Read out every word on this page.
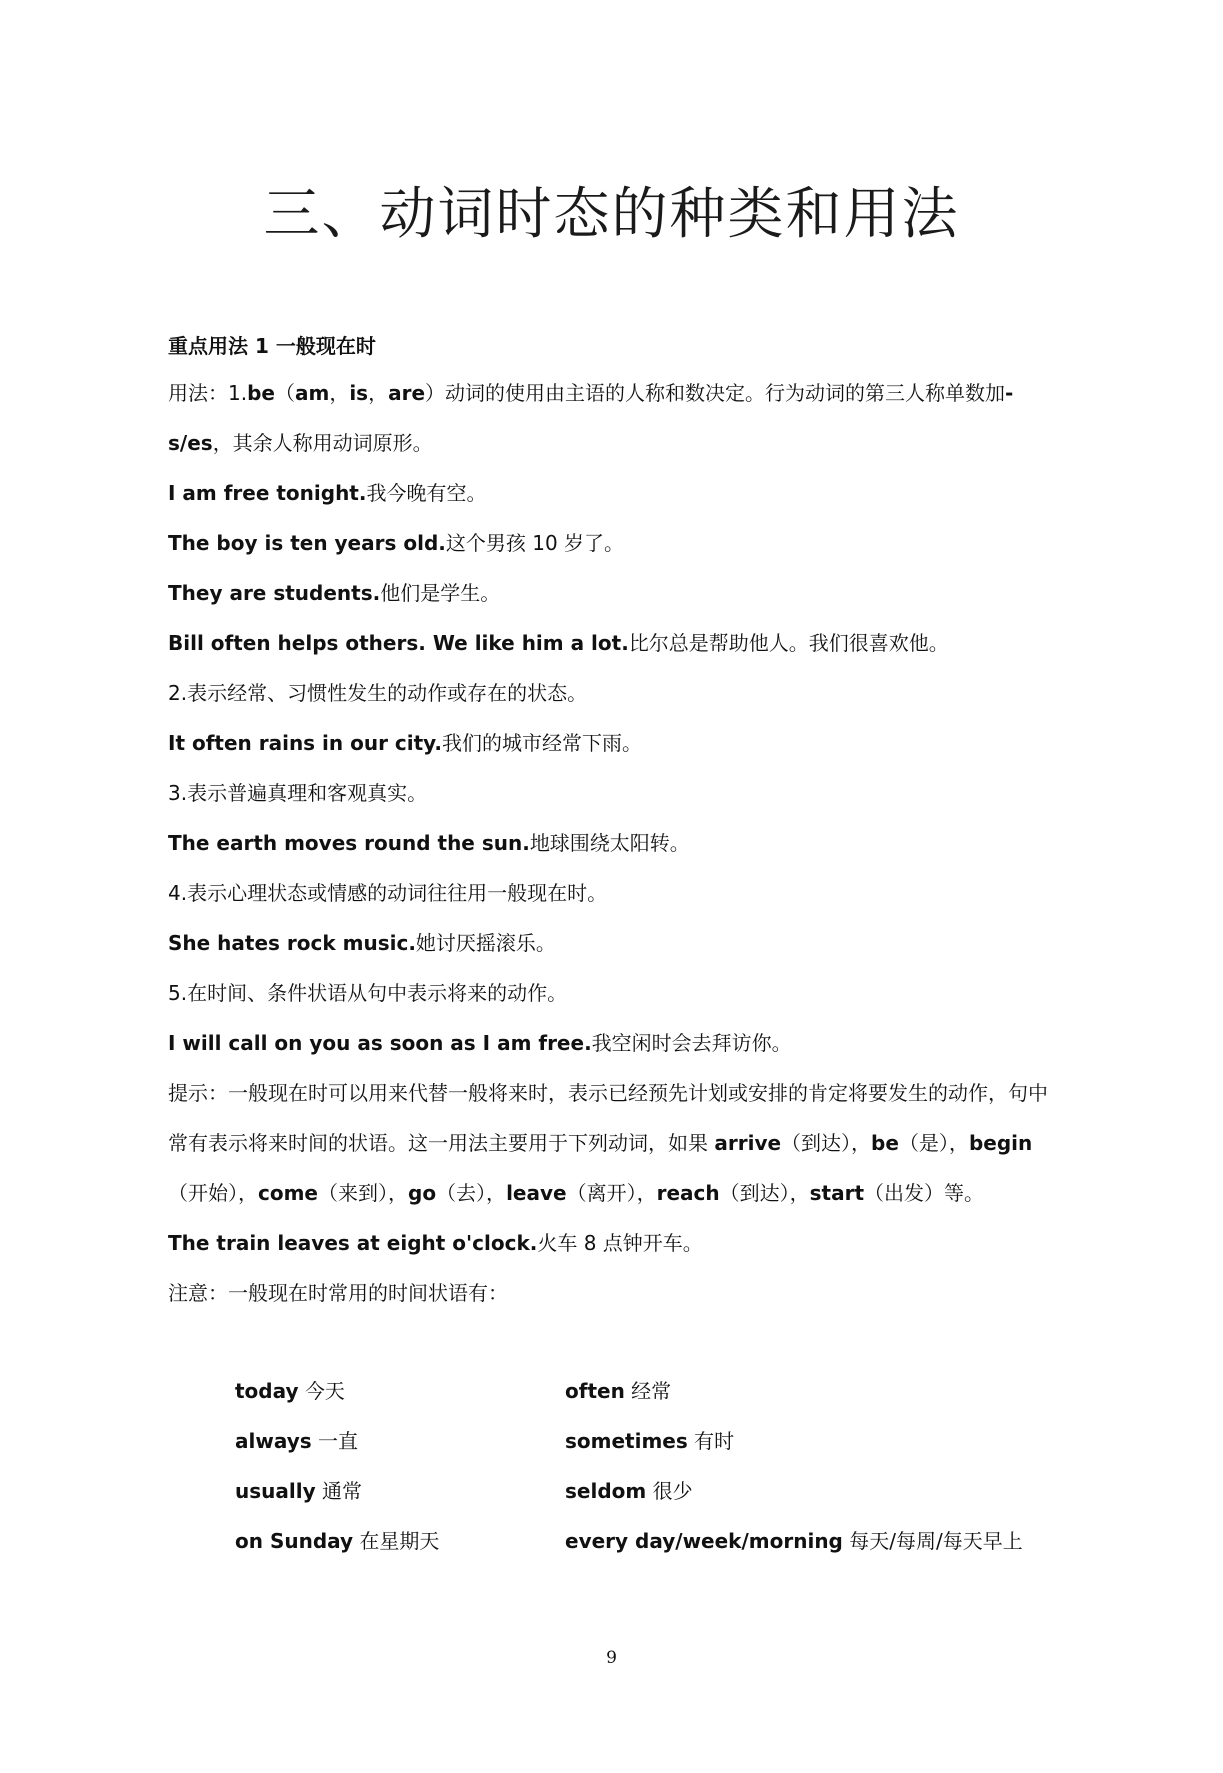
三、动词时态的种类和用法
重点用法 1 一般现在时
用法：1.be（am，is，are）动词的使用由主语的人称和数决定。行为动词的第三人称单数加-s/es，其余人称用动词原形。
I am free tonight.我今晚有空。
The boy is ten years old.这个男孩 10 岁了。
They are students.他们是学生。
Bill often helps others. We like him a lot.比尔总是帮助他人。我们很喜欢他。
2.表示经常、习惯性发生的动作或存在的状态。
It often rains in our city.我们的城市经常下雨。
3.表示普遍真理和客观真实。
The earth moves round the sun.地球围绕太阳转。
4.表示心理状态或情感的动词往往用一般现在时。
She hates rock music.她讨厌摇滚乐。
5.在时间、条件状语从句中表示将来的动作。
I will call on you as soon as I am free.我空闲时会去拜访你。
提示：一般现在时可以用来代替一般将来时，表示已经预先计划或安排的肯定将要发生的动作，句中常有表示将来时间的状语。这一用法主要用于下列动词，如果 arrive（到达），be（是），begin（开始），come（来到），go（去），leave（离开），reach（到达），start（出发）等。
The train leaves at eight o'clock.火车 8 点钟开车。
注意：一般现在时常用的时间状语有：
today 今天	often 经常
always 一直	sometimes 有时
usually 通常	seldom 很少
on Sunday 在星期天	every day/week/morning 每天/每周/每天早上
9
